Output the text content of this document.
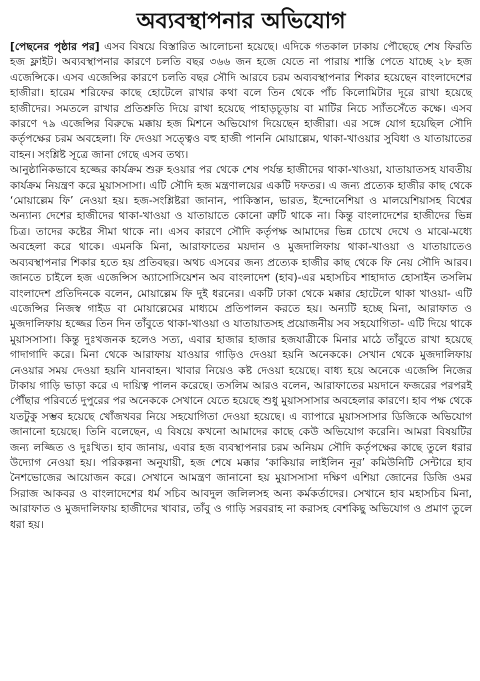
অব্যবস্থাপনার অভিযোগ

[পেছনের পৃষ্ঠার পর] এসব বিষয়ে বিস্তারিত আলোচনা হয়েছে। এদিকে গতকাল ঢাকায় পৌছেছে শেষ ফিরতি হজ ফ্লাইট। অব্যবস্থাপনার কারণে চলতি বছর ৩৬৬ জন হজে যেতে না পারায় শাস্তি পেতে যাচ্ছে ২৮ হজ এজেন্সিকে। এসব এজেন্সির কারণে চলতি বছর সৌদি আরবে চরম অব্যবস্থাপনার শিকার হয়েছেন বাংলাদেশের হাজীরা। হারেম শরিফের কাছে হোটেলে রাখার কথা বলে তিন থেকে পাঁচ কিলোমিটার দূরে রাখা হয়েছে হাজীদের। সমতলে রাখার প্রতিশ্রুতি দিয়ে রাখা হয়েছে পাহাড়চূড়ায় বা মাটির নিচে স্যাঁতসেঁতে কক্ষে। এসব কারণে ৭৯ এজেন্সির বিরুদ্ধে মক্কায় হজ মিশনে অভিযোগ দিয়েছেন হাজীরা। এর সঙ্গে যোগ হয়েছিল সৌদি কর্তৃপক্ষের চরম অবহেলা। ফি দেওয়া সত্ত্বেও বহু হাজী পাননি মোয়াল্লেম, থাকা-খাওয়ার সুবিধা ও যাতায়াতের বাহন। সংশ্লিষ্ট সূত্রে জানা গেছে এসব তথ্য।

আনুষ্ঠানিকভাবে হজ্জের কার্যক্রম শুরু হওয়ার পর থেকে শেষ পর্যন্ত হাজীদের থাকা-খাওয়া, যাতায়াতসহ যাবতীয় কার্যক্রম নিয়ন্ত্রণ করে মুয়াসসাসা। এটি সৌদি হজ মন্ত্রণালয়ের একটি দফতর। এ জন্য প্রত্যেক হাজীর কাছ থেকে ‘মোয়াল্লেম ফি’ নেওয়া হয়। হজ-সংশ্লিষ্টরা জানান, পাকিস্তান, ভারত, ইন্দোনেশিয়া ও মালয়েশিয়াসহ বিশ্বের অন্যান্য দেশের হাজীদের থাকা-খাওয়া ও যাতায়াতে কোনো ত্রুটি থাকে না। কিন্তু বাংলাদেশের হাজীদের ভিন্ন চিত্র। তাদের কষ্টের সীমা থাকে না। এসব কারণে সৌদি কর্তৃপক্ষ আমাদের ভিন্ন চোখে দেখে ও মাঝে-মধ্যে অবহেলা করে থাকে। এমনকি মিনা, আরাফাতের ময়দান ও মুজদালিফায় থাকা-খাওয়া ও যাতায়াতেও অব্যবস্থাপনার শিকার হতে হয় প্রতিবছর। অথচ এসবের জন্য প্রত্যেক হাজীর কাছ থেকে ফি নেয় সৌদি আরব। জানতে চাইলে হজ এজেন্সিস অ্যাসোসিয়েশন অব বাংলাদেশ (হাব)-এর মহাসচিব শাহাদাত হোসাইন তসলিম বাংলাদেশ প্রতিদিনকে বলেন, মোয়াল্লেম ফি দুই ধরনের। একটি ঢাকা থেকে মক্কার হোটেলে থাকা খাওয়া- এটি এজেন্সির নিজস্ব গাইড বা মোয়াল্লেমের মাধ্যমে প্রতিপালন করতে হয়। অন্যটি হচ্ছে মিনা, আরাফাত ও মুজদালিফায় হজ্জের তিন দিন তাঁবুতে থাকা-খাওয়া ও যাতায়াতসহ প্রয়োজনীয় সব সহযোগিতা- এটি দিয়ে থাকে মুয়াসসাসা। কিন্তু দুঃখজনক হলেও সত্য, এবার হাজার হাজার হজযাত্রীকে মিনার মাঠে তাঁবুতে রাখা হয়েছে গাদাগাদি করে। মিনা থেকে আরাফায় যাওয়ার গাড়িও দেওয়া হয়নি অনেককে। সেখান থেকে মুজদালিফায় নেওয়ার সময় দেওয়া হয়নি যানবাহন। খাবার নিয়েও কষ্ট দেওয়া হয়েছে। বাধ্য হয়ে অনেকে এজেন্সি নিজের টাকায় গাড়ি ভাড়া করে এ দায়িত্ব পালন করেছে। তসলিম আরও বলেন, আরাফাতের ময়দানে ফজরের পরপরই পৌঁছার পরিবর্তে দুপুরের পর অনেককে সেখানে যেতে হয়েছে শুধু মুয়াসসাসার অবহেলার কারণে। হাব পক্ষ থেকে যতটুকু সম্ভব হয়েছে খোঁজখবর নিয়ে সহযোগিতা দেওয়া হয়েছে। এ ব্যাপারে মুয়াসসাসার ডিজিকে অভিযোগ জানানো হয়েছে। তিনি বলেছেন, এ বিষয়ে কখনো আমাদের কাছে কেউ অভিযোগ করেনি। আমরা বিষয়টির জন্য লজ্জিত ও দুঃখিত। হাব জানায়, এবার হজ ব্যবস্থাপনার চরম অনিয়ম সৌদি কর্তৃপক্ষের কাছে তুলে ধরার উদ্যোগ নেওয়া হয়। পরিকল্পনা অনুযায়ী, হজ শেষে মক্কার ‘কাকিয়ার লাইলিন নূর’ কমিউনিটি সেন্টারে হাব নৈশভোজের আয়োজন করে। সেখানে আমন্ত্রণ জানানো হয় মুয়াসসাসা দক্ষিণ এশিয়া জোনের ডিজি ওমর সিরাজ আকবর ও বাংলাদেশের ধর্ম সচিব আবদুল জলিলসহ অন্য কর্মকর্তাদের। সেখানে হাব মহাসচিব মিনা, আরাফাত ও মুজদালিফায় হাজীদের খাবার, তাঁবু ও গাড়ি সরবরাহ না করাসহ বেশকিছু অভিযোগ ও প্রমাণ তুলে ধরা হয়।
